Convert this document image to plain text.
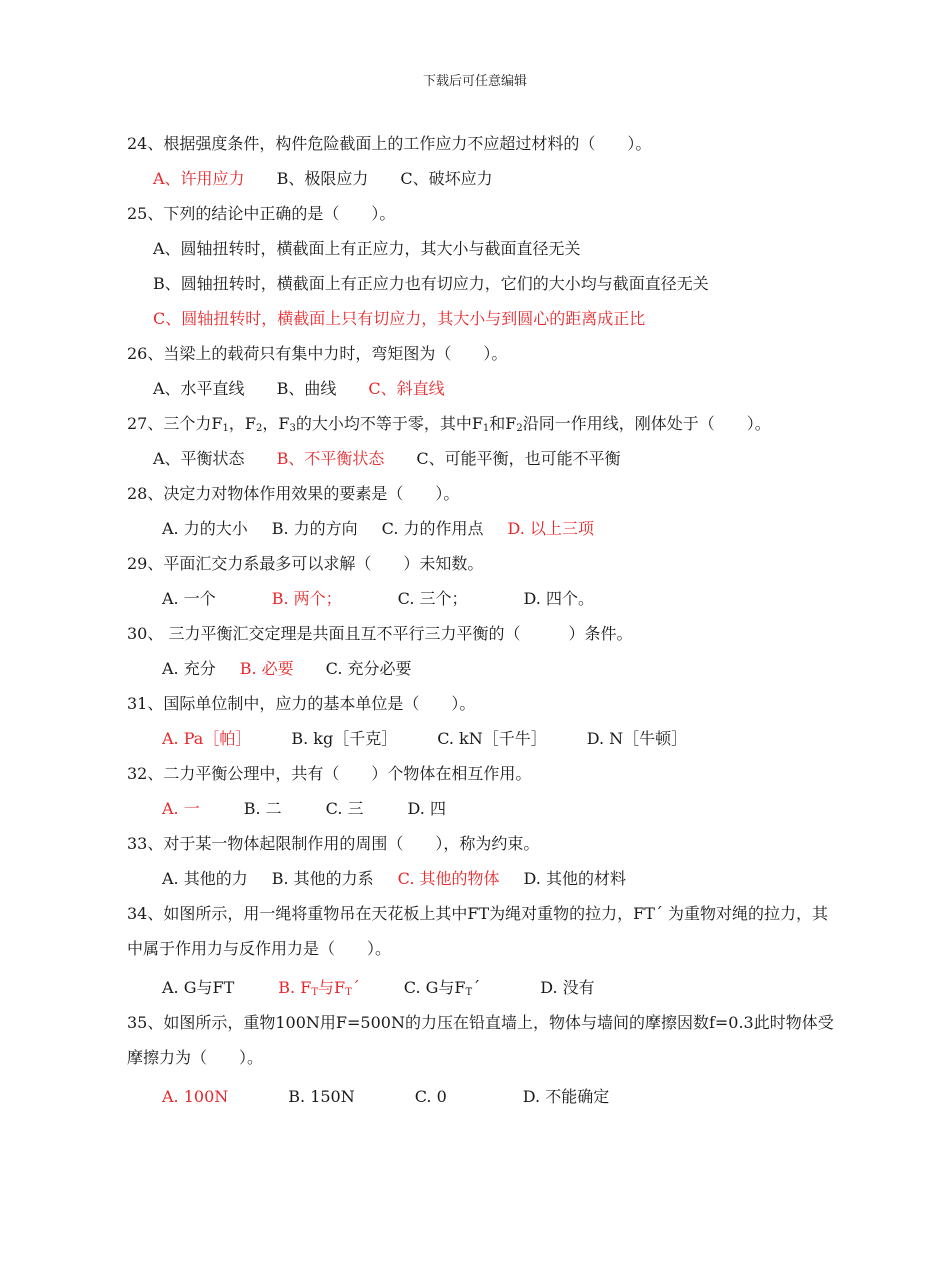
下载后可任意编辑
24、根据强度条件，构件危险截面上的工作应力不应超过材料的（　　）。
A、许用应力 B、极限应力 C、破坏应力
25、下列的结论中正确的是（　　）。
A、圆轴扭转时，横截面上有正应力，其大小与截面直径无关
B、圆轴扭转时，横截面上有正应力也有切应力，它们的大小均与截面直径无关
C、圆轴扭转时，横截面上只有切应力，其大小与到圆心的距离成正比
26、当梁上的载荷只有集中力时，弯矩图为（　　）。
A、水平直线 B、曲线 C、斜直线
27、三个力$F_1$，$F_2$，$F_3$的大小均不等于零，其中$F_1$和$F_2$沿同一作用线，刚体处于（　　）。
A、平衡状态 B、不平衡状态 C、可能平衡，也可能不平衡
28、决定力对物体作用效果的要素是（　　）。
A. 力的大小 B. 力的方向 C. 力的作用点 D. 以上三项
29、平面汇交力系最多可以求解（　　）未知数。
A. 一个	B. 两个；	C. 三个；	D. 四个。
30、 三力平衡汇交定理是共面且互不平行三力平衡的（　　　）条件。
A. 充分 B. 必要 C. 充分必要
31、国际单位制中，应力的基本单位是（　　）。
A. Pa［帕］	B. kg［千克］	C. kN［千牛］	D. N［牛顿］
32、二力平衡公理中，共有（　　）个物体在相互作用。
A. 一	B. 二	C. 三	D. 四
33、对于某一物体起限制作用的周围（　　），称为约束。
A. 其他的力 B. 其他的力系 C. 其他的物体 D. 其他的材料
34、如图所示，用一绳将重物吊在天花板上其中FT为绳对重物的拉力，FT´ 为重物对绳的拉力，其
中属于作用力与反作用力是（　　）。
A. G与FT	B. $F_T$与$F_T´$	C. G与$F_T´$	D. 没有
35、如图所示，重物100N用F=500N的力压在铅直墙上，物体与墙间的摩擦因数f=0.3此时物体受
摩擦力为（　　）。
A. 100N	B. 150N	C. 0	D. 不能确定
